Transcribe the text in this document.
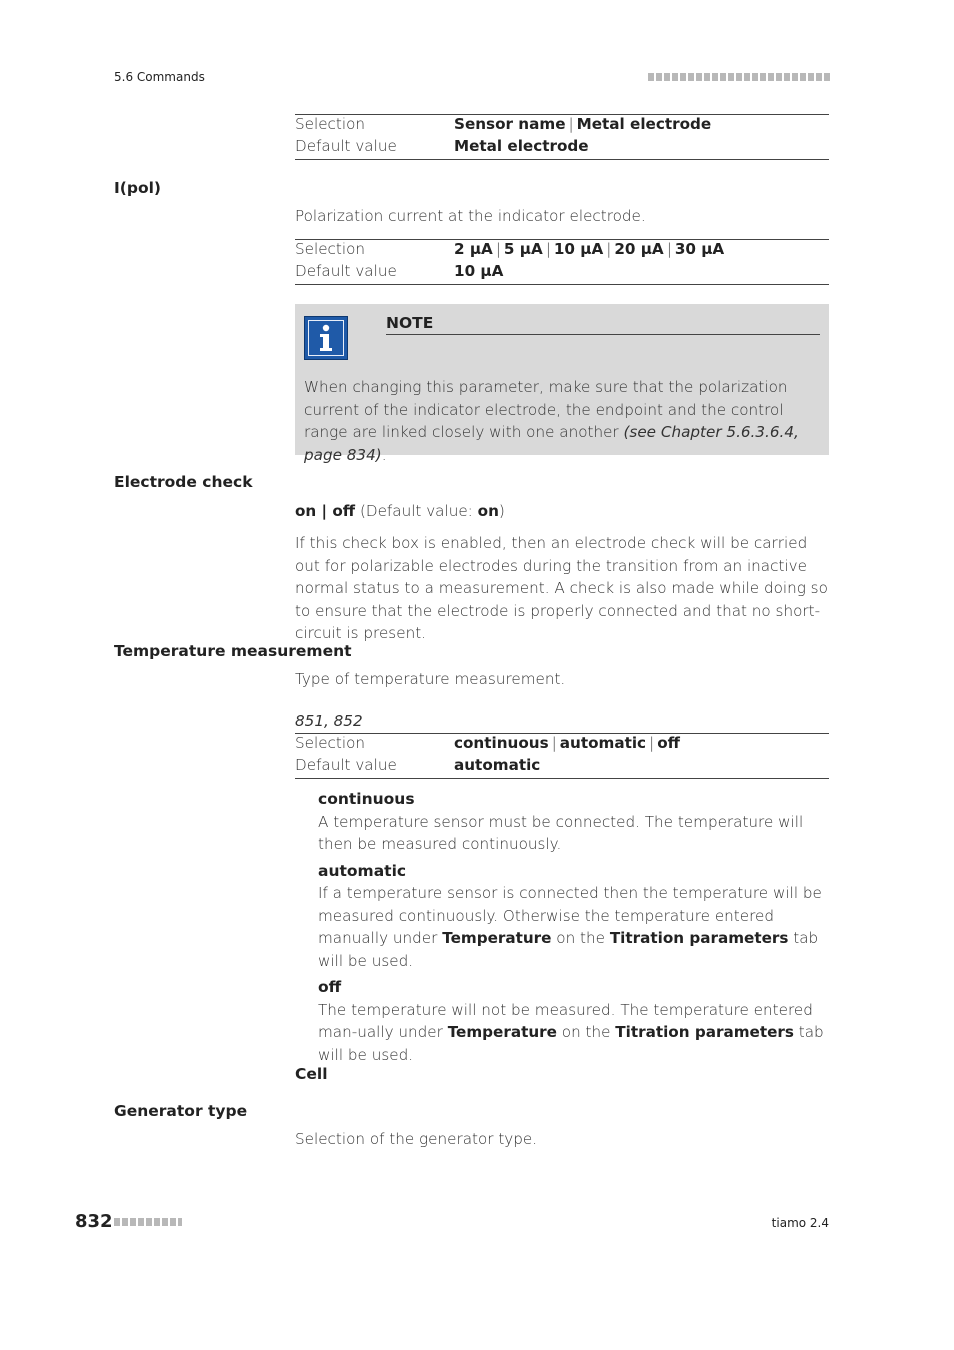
5.6 Commands
Selection	Sensor name | Metal electrode
Default value	Metal electrode
I(pol)
Polarization current at the indicator electrode.
Selection	2 µA | 5 µA | 10 µA | 20 µA | 30 µA
Default value	10 µA
NOTE
When changing this parameter, make sure that the polarization current of the indicator electrode, the endpoint and the control range are linked closely with one another (see Chapter 5.6.3.6.4, page 834).
Electrode check
on | off (Default value: on)
If this check box is enabled, then an electrode check will be carried out for polarizable electrodes during the transition from an inactive normal status to a measurement. A check is also made while doing so to ensure that the electrode is properly connected and that no short-circuit is present.
Temperature measurement
Type of temperature measurement.
851, 852
Selection	continuous | automatic | off
Default value	automatic
continuous
A temperature sensor must be connected. The temperature will then be measured continuously.
automatic
If a temperature sensor is connected then the temperature will be measured continuously. Otherwise the temperature entered manually under Temperature on the Titration parameters tab will be used.
off
The temperature will not be measured. The temperature entered man-ually under Temperature on the Titration parameters tab will be used.
Cell
Generator type
Selection of the generator type.
832	tiamo 2.4
